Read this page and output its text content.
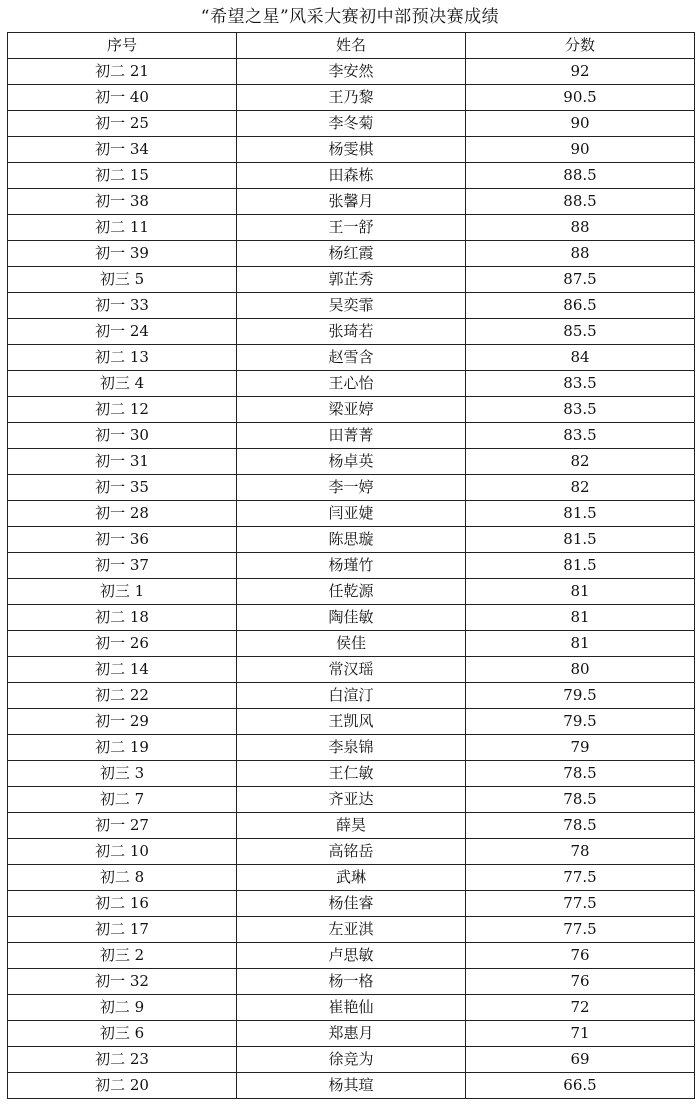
“希望之星”风采大赛初中部预决赛成绩
序号	姓名	分数
初二 21	李安然	92
初一 40	王乃黎	90.5
初一 25	李冬菊	90
初一 34	杨雯棋	90
初二 15	田森栋	88.5
初一 38	张馨月	88.5
初二 11	王一舒	88
初一 39	杨红霞	88
初三 5	郭芷秀	87.5
初一 33	吴奕霏	86.5
初一 24	张琦若	85.5
初二 13	赵雪含	84
初三 4	王心怡	83.5
初二 12	梁亚婷	83.5
初一 30	田菁菁	83.5
初一 31	杨卓英	82
初一 35	李一婷	82
初一 28	闫亚婕	81.5
初一 36	陈思璇	81.5
初一 37	杨瑾竹	81.5
初三 1	任乾源	81
初二 18	陶佳敏	81
初一 26	侯佳	81
初二 14	常汉瑶	80
初二 22	白渲汀	79.5
初一 29	王凯风	79.5
初二 19	李泉锦	79
初三 3	王仁敏	78.5
初二 7	齐亚达	78.5
初一 27	薛昊	78.5
初二 10	高铭岳	78
初二 8	武琳	77.5
初二 16	杨佳睿	77.5
初二 17	左亚淇	77.5
初三 2	卢思敏	76
初一 32	杨一格	76
初二 9	崔艳仙	72
初三 6	郑惠月	71
初二 23	徐竞为	69
初二 20	杨其瑄	66.5
